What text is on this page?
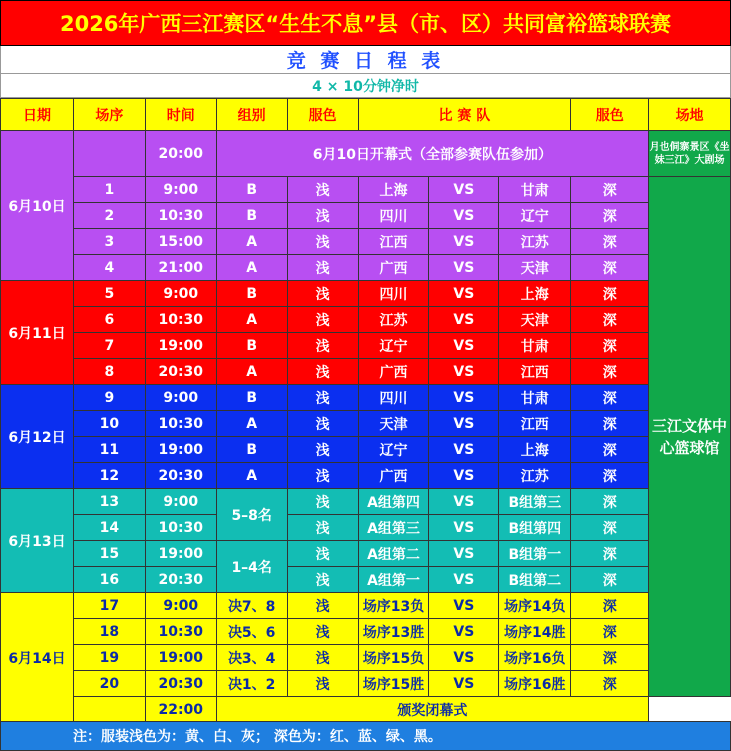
2026年广西三江赛区“生生不息”县（市、区）共同富裕篮球联赛
竞 赛 日 程 表
4 × 10分钟净时
日期	场序	时间	组别	服色	比 赛 队			服色	场地
6月10日		20:00	6月10日开幕式（全部参赛队伍参加）						月也侗寨景区《坐妹三江》大剧场
	1	9:00	B	浅	上海	VS	甘肃	深	三江文体中心篮球馆
	2	10:30	B	浅	四川	VS	辽宁	深	
	3	15:00	A	浅	江西	VS	江苏	深	
	4	21:00	A	浅	广西	VS	天津	深	
6月11日	5	9:00	B	浅	四川	VS	上海	深	
	6	10:30	A	浅	江苏	VS	天津	深	
	7	19:00	B	浅	辽宁	VS	甘肃	深	
	8	20:30	A	浅	广西	VS	江西	深	
6月12日	9	9:00	B	浅	四川	VS	甘肃	深	
	10	10:30	A	浅	天津	VS	江西	深	
	11	19:00	B	浅	辽宁	VS	上海	深	
	12	20:30	A	浅	广西	VS	江苏	深	
6月13日	13	9:00	5–8名	浅	A组第四	VS	B组第三	深	
	14	10:30		浅	A组第三	VS	B组第四	深	
	15	19:00	1–4名	浅	A组第二	VS	B组第一	深	
	16	20:30		浅	A组第一	VS	B组第二	深	
6月14日	17	9:00	决7、8	浅	场序13负	VS	场序14负	深	
	18	10:30	决5、6	浅	场序13胜	VS	场序14胜	深	
	19	19:00	决3、4	浅	场序15负	VS	场序16负	深	
	20	20:30	决1、2	浅	场序15胜	VS	场序16胜	深	
		22:00	颁奖闭幕式						
注：服装浅色为：黄、白、灰； 深色为：红、蓝、绿、黑。
